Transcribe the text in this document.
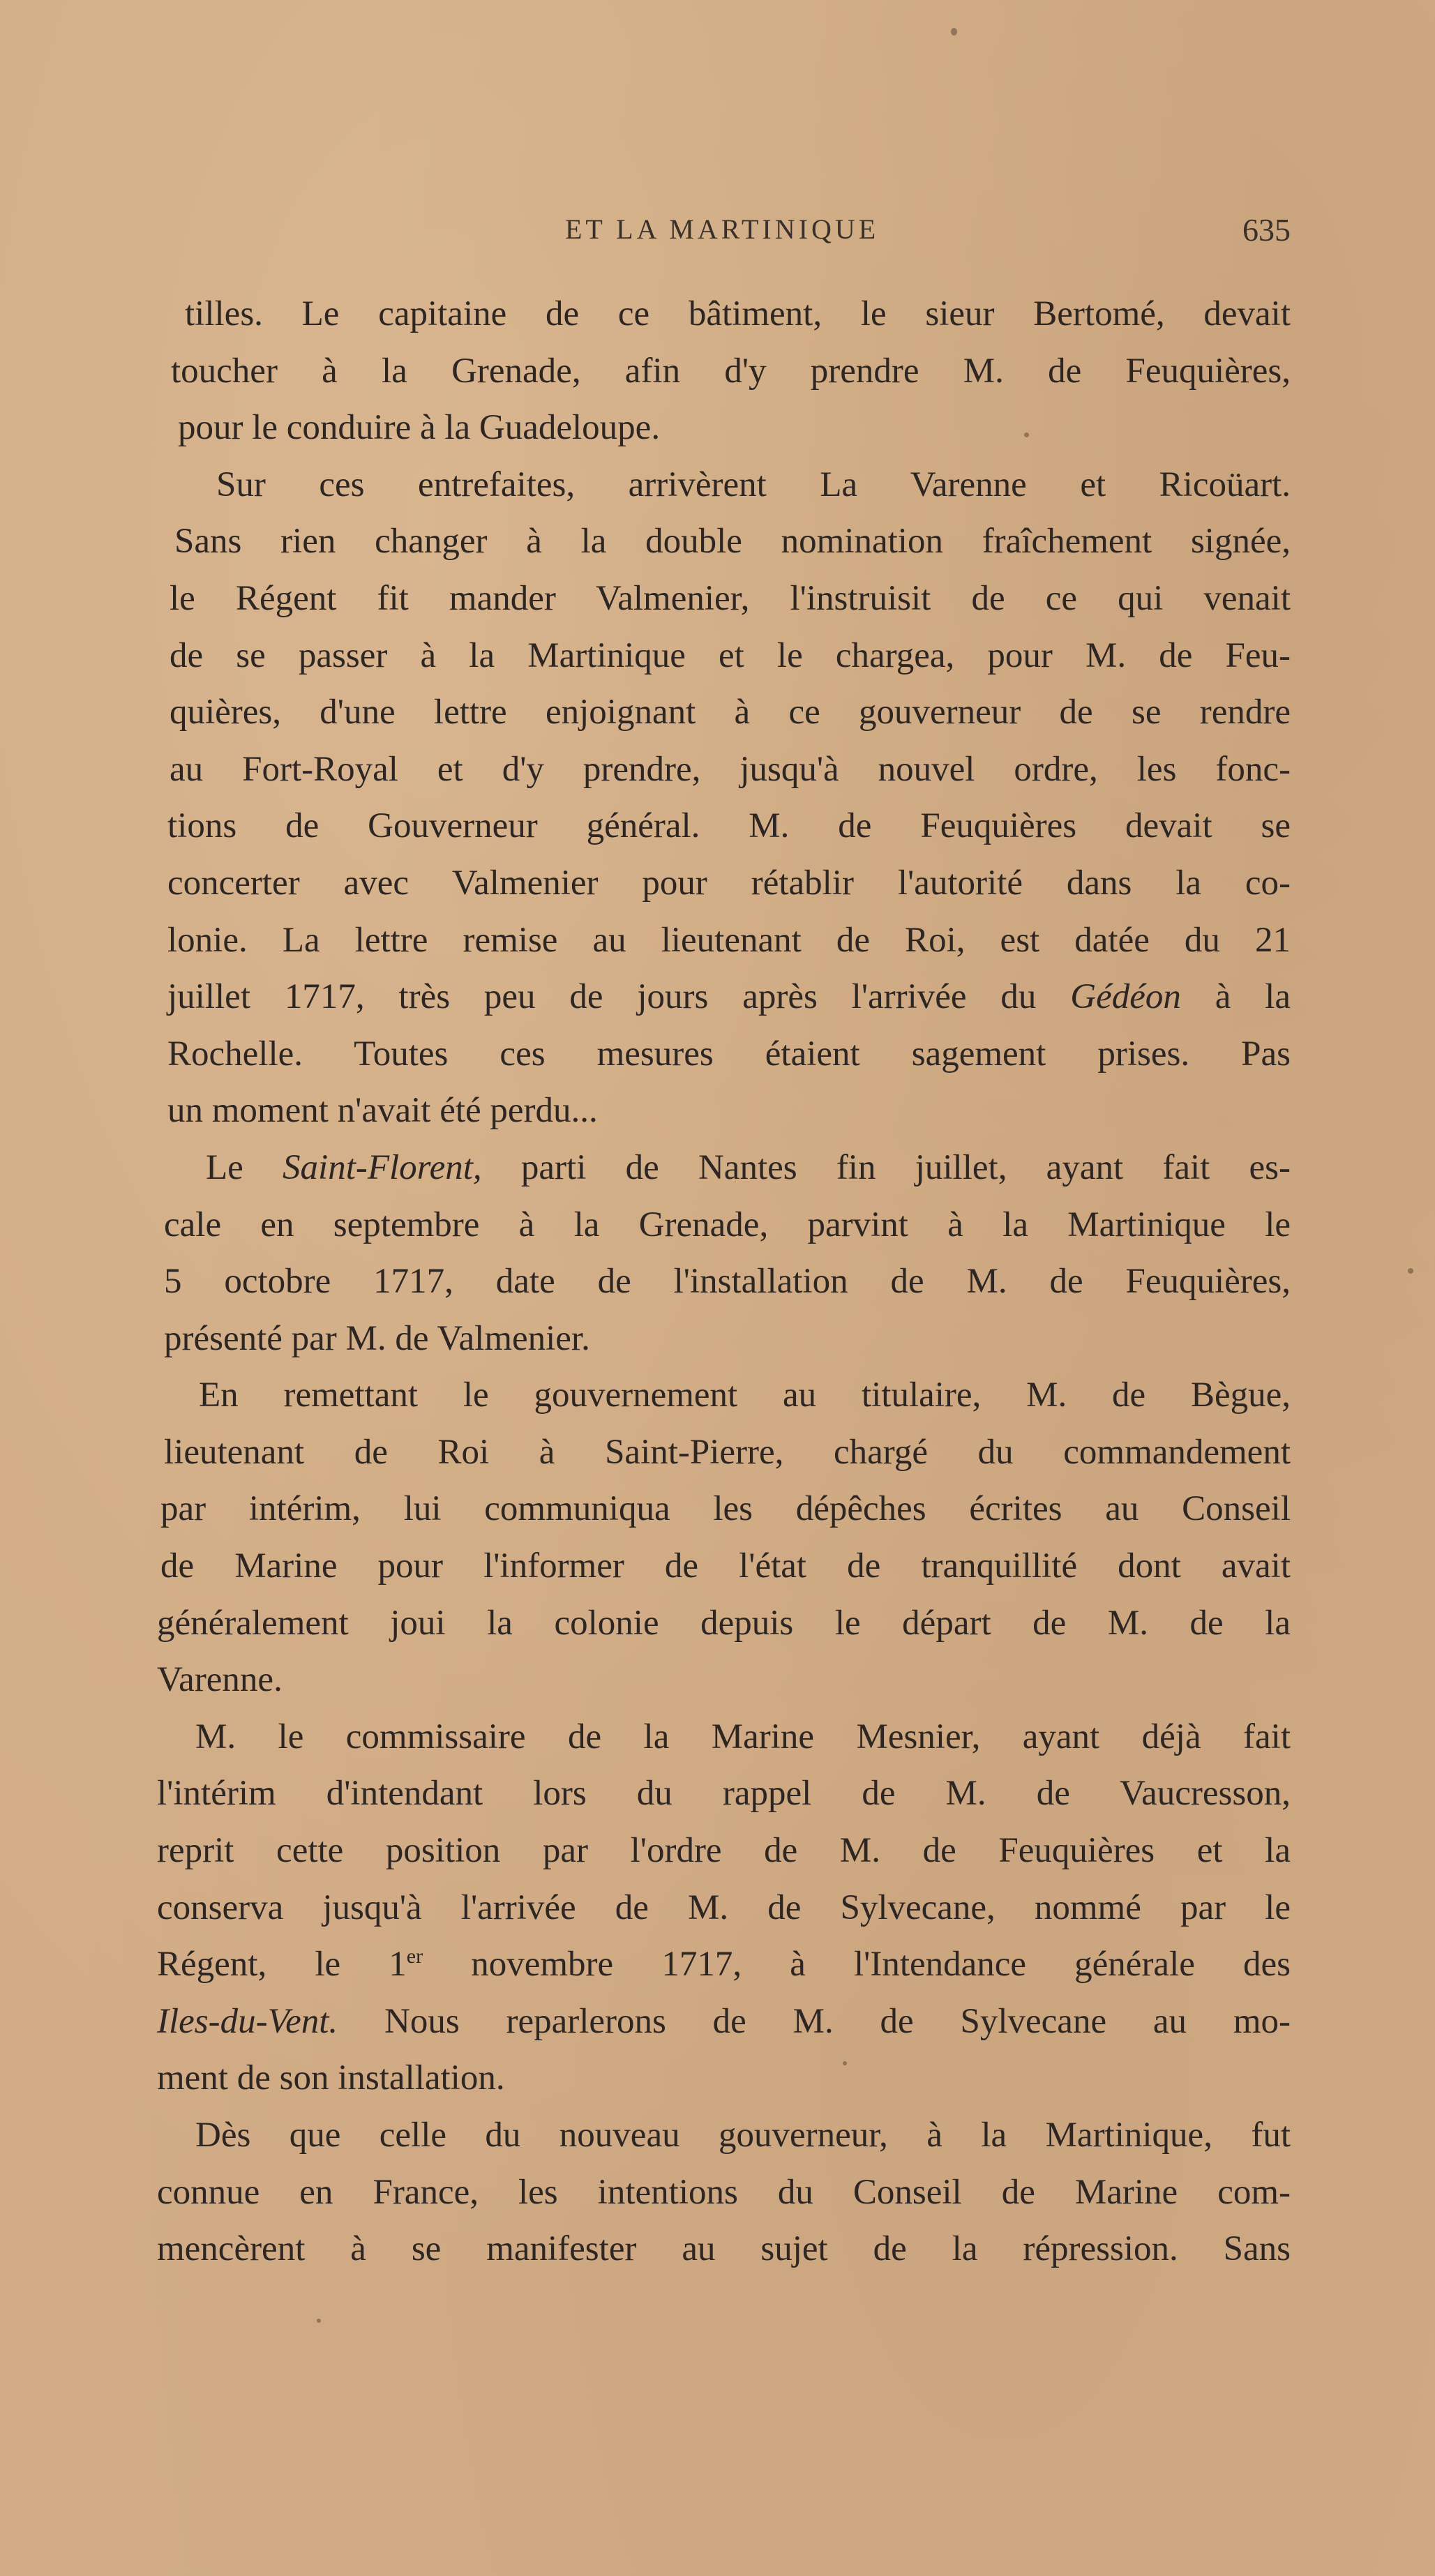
ET LA MARTINIQUE	635
tilles. Le capitaine de ce bâtiment, le sieur Bertomé, devait
toucher à la Grenade, afin d'y prendre M. de Feuquières,
pour le conduire à la Guadeloupe.
Sur ces entrefaites, arrivèrent La Varenne et Ricoüart.
Sans rien changer à la double nomination fraîchement signée,
le Régent fit mander Valmenier, l'instruisit de ce qui venait
de se passer à la Martinique et le chargea, pour M. de Feu-
quières, d'une lettre enjoignant à ce gouverneur de se rendre
au Fort-Royal et d'y prendre, jusqu'à nouvel ordre, les fonc-
tions de Gouverneur général. M. de Feuquières devait se
concerter avec Valmenier pour rétablir l'autorité dans la co-
lonie. La lettre remise au lieutenant de Roi, est datée du 21
juillet 1717, très peu de jours après l'arrivée du Gédéon à la
Rochelle. Toutes ces mesures étaient sagement prises. Pas
un moment n'avait été perdu...
Le Saint-Florent, parti de Nantes fin juillet, ayant fait es-
cale en septembre à la Grenade, parvint à la Martinique le
5 octobre 1717, date de l'installation de M. de Feuquières,
présenté par M. de Valmenier.
En remettant le gouvernement au titulaire, M. de Bègue,
lieutenant de Roi à Saint-Pierre, chargé du commandement
par intérim, lui communiqua les dépêches écrites au Conseil
de Marine pour l'informer de l'état de tranquillité dont avait
généralement joui la colonie depuis le départ de M. de la
Varenne.
M. le commissaire de la Marine Mesnier, ayant déjà fait
l'intérim d'intendant lors du rappel de M. de Vaucresson,
reprit cette position par l'ordre de M. de Feuquières et la
conserva jusqu'à l'arrivée de M. de Sylvecane, nommé par le
Régent, le 1er novembre 1717, à l'Intendance générale des
Iles-du-Vent. Nous reparlerons de M. de Sylvecane au mo-
ment de son installation.
Dès que celle du nouveau gouverneur, à la Martinique, fut
connue en France, les intentions du Conseil de Marine com-
mencèrent à se manifester au sujet de la répression. Sans
